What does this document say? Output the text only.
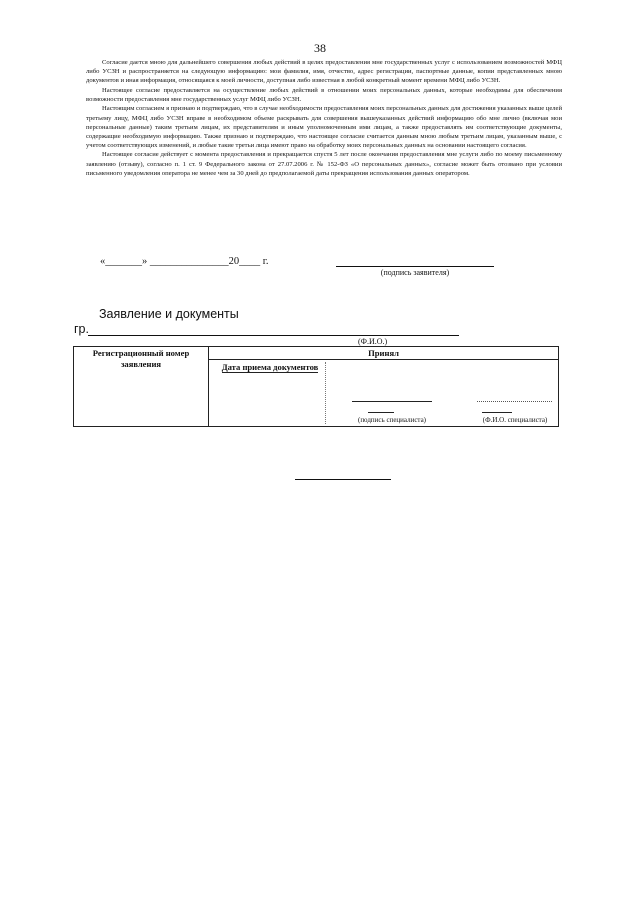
38

Согласие дается мною для дальнейшего совершения любых действий в целях предоставления мне государственных услуг с использованием возможностей МФЦ либо УСЗН и распространяется на следующую информацию: мои фамилия, имя, отчество, адрес регистрации, паспортные данные, копии представленных мною документов и иная информация, относящаяся к моей личности, доступная либо известная в любой конкретный момент времени МФЦ либо УСЗН.

Настоящее согласие предоставляется на осуществление любых действий в отношении моих персональных данных, которые необходимы для обеспечения возможности предоставления мне государственных услуг МФЦ либо УСЗН.

Настоящим согласием я признаю и подтверждаю, что в случае необходимости предоставления моих персональных данных для достижения указанных выше целей третьему лицу, МФЦ либо УСЗН вправе в необходимом объеме раскрывать для совершения вышеуказанных действий информацию обо мне лично (включая мои персональные данные) таким третьим лицам, их представителям и иным уполномоченным ими лицам, а также предоставлять им соответствующие документы, содержащие необходимую информацию. Также признаю и подтверждаю, что настоящее согласие считается данным мною любым третьим лицам, указанным выше, с учетом соответствующих изменений, и любые такие третьи лица имеют право на обработку моих персональных данных на основании настоящего согласия.

Настоящее согласие действует с момента предоставления и прекращается спустя 5 лет после окончания предоставления мне услуги либо по моему письменному заявлению (отзыву), согласно п. 1 ст. 9 Федерального закона от 27.07.2006 г. № 152-ФЗ «О персональных данных», согласие может быть отозвано при условии письменного уведомления оператора не менее чем за 30 дней до предполагаемой даты прекращения использования данных оператором.

«_______» _______________20____ г.
(подпись заявителя)
Заявление и документы
гр.
(Ф.И.О.)
Регистрационный номер заявления	Принял

Дата приема документов
(подпись специалиста)	(Ф.И.О. специалиста)
